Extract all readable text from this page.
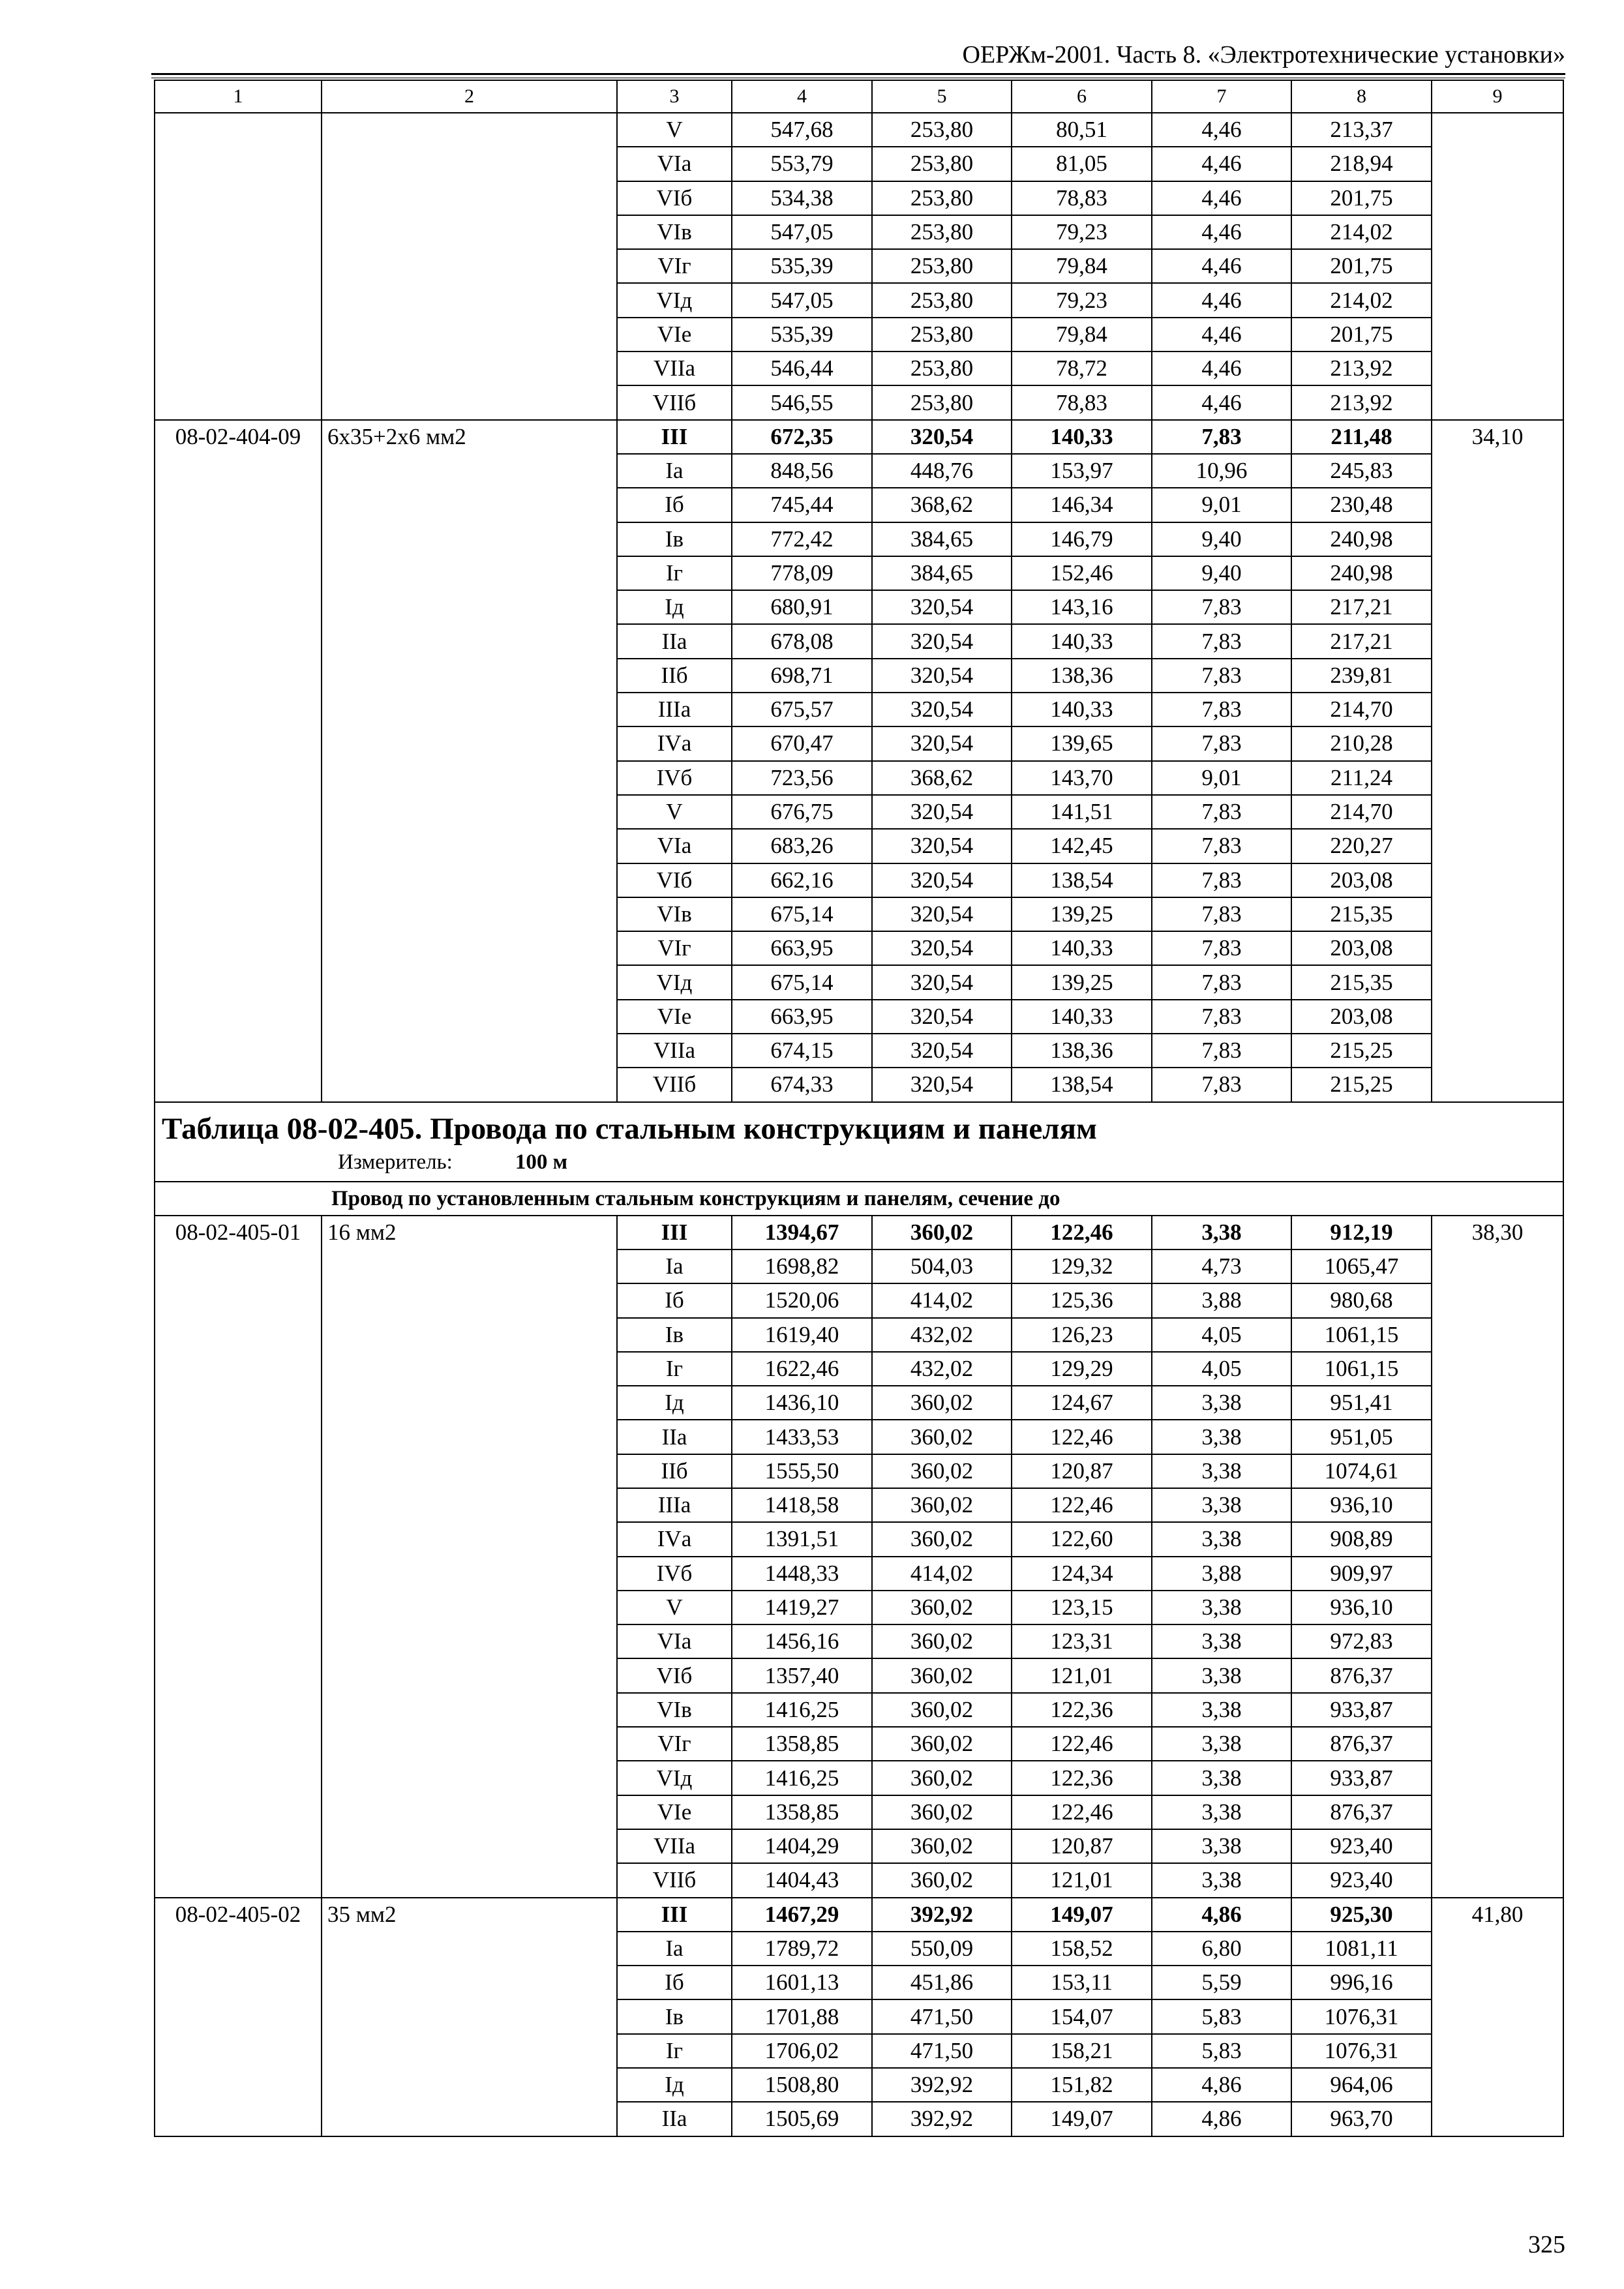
ОЕРЖм-2001. Часть 8. «Электротехнические установки»
1	2	3	4	5	6	7	8	9
		V	547,68	253,80	80,51	4,46	213,37	
		VIа	553,79	253,80	81,05	4,46	218,94	
		VIб	534,38	253,80	78,83	4,46	201,75	
		VIв	547,05	253,80	79,23	4,46	214,02	
		VIг	535,39	253,80	79,84	4,46	201,75	
		VIд	547,05	253,80	79,23	4,46	214,02	
		VIе	535,39	253,80	79,84	4,46	201,75	
		VIIа	546,44	253,80	78,72	4,46	213,92	
		VIIб	546,55	253,80	78,83	4,46	213,92	
08-02-404-09	6х35+2х6 мм2	III	672,35	320,54	140,33	7,83	211,48	34,10
		Iа	848,56	448,76	153,97	10,96	245,83	
		Iб	745,44	368,62	146,34	9,01	230,48	
		Iв	772,42	384,65	146,79	9,40	240,98	
		Iг	778,09	384,65	152,46	9,40	240,98	
		Iд	680,91	320,54	143,16	7,83	217,21	
		IIа	678,08	320,54	140,33	7,83	217,21	
		IIб	698,71	320,54	138,36	7,83	239,81	
		IIIа	675,57	320,54	140,33	7,83	214,70	
		IVа	670,47	320,54	139,65	7,83	210,28	
		IVб	723,56	368,62	143,70	9,01	211,24	
		V	676,75	320,54	141,51	7,83	214,70	
		VIа	683,26	320,54	142,45	7,83	220,27	
		VIб	662,16	320,54	138,54	7,83	203,08	
		VIв	675,14	320,54	139,25	7,83	215,35	
		VIг	663,95	320,54	140,33	7,83	203,08	
		VIд	675,14	320,54	139,25	7,83	215,35	
		VIе	663,95	320,54	140,33	7,83	203,08	
		VIIа	674,15	320,54	138,36	7,83	215,25	
		VIIб	674,33	320,54	138,54	7,83	215,25	

Таблица 08-02-405. Провода по стальным конструкциям и панелям
Измеритель: 100 м								

Провод по установленным стальным конструкциям и панелям, сечение до								
08-02-405-01	16 мм2	III	1394,67	360,02	122,46	3,38	912,19	38,30
		Iа	1698,82	504,03	129,32	4,73	1065,47	
		Iб	1520,06	414,02	125,36	3,88	980,68	
		Iв	1619,40	432,02	126,23	4,05	1061,15	
		Iг	1622,46	432,02	129,29	4,05	1061,15	
		Iд	1436,10	360,02	124,67	3,38	951,41	
		IIа	1433,53	360,02	122,46	3,38	951,05	
		IIб	1555,50	360,02	120,87	3,38	1074,61	
		IIIа	1418,58	360,02	122,46	3,38	936,10	
		IVа	1391,51	360,02	122,60	3,38	908,89	
		IVб	1448,33	414,02	124,34	3,88	909,97	
		V	1419,27	360,02	123,15	3,38	936,10	
		VIа	1456,16	360,02	123,31	3,38	972,83	
		VIб	1357,40	360,02	121,01	3,38	876,37	
		VIв	1416,25	360,02	122,36	3,38	933,87	
		VIг	1358,85	360,02	122,46	3,38	876,37	
		VIд	1416,25	360,02	122,36	3,38	933,87	
		VIе	1358,85	360,02	122,46	3,38	876,37	
		VIIа	1404,29	360,02	120,87	3,38	923,40	
		VIIб	1404,43	360,02	121,01	3,38	923,40	
08-02-405-02	35 мм2	III	1467,29	392,92	149,07	4,86	925,30	41,80
		Iа	1789,72	550,09	158,52	6,80	1081,11	
		Iб	1601,13	451,86	153,11	5,59	996,16	
		Iв	1701,88	471,50	154,07	5,83	1076,31	
		Iг	1706,02	471,50	158,21	5,83	1076,31	
		Iд	1508,80	392,92	151,82	4,86	964,06	
		IIа	1505,69	392,92	149,07	4,86	963,70	
325
